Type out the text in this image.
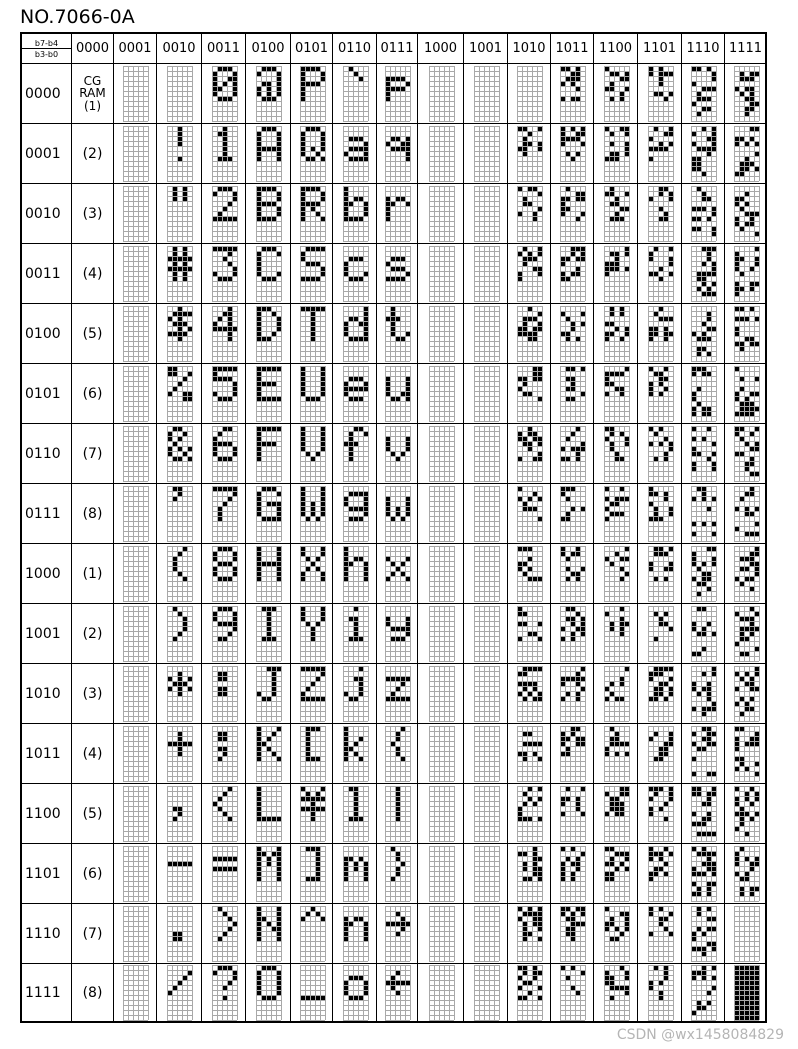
NO.7066-0A
b7-b4
b3-b0	0000 0001 0010 0011 0100 0101 0110 0111 1000 1001 1010 1011 1100 1101 1110 1111
0000
0001
0010
0011
0100
0101
0110
0111
1000
1001
1010
1011
1100
1101
1110
1111
CG
RAM
(1)
(2)
(3)
(4)
(5)
(6)
(7)
(8)
(1)
(2)
(3)
(4)
(5)
(6)
(7)
(8)
CSDN @wx1458084829
